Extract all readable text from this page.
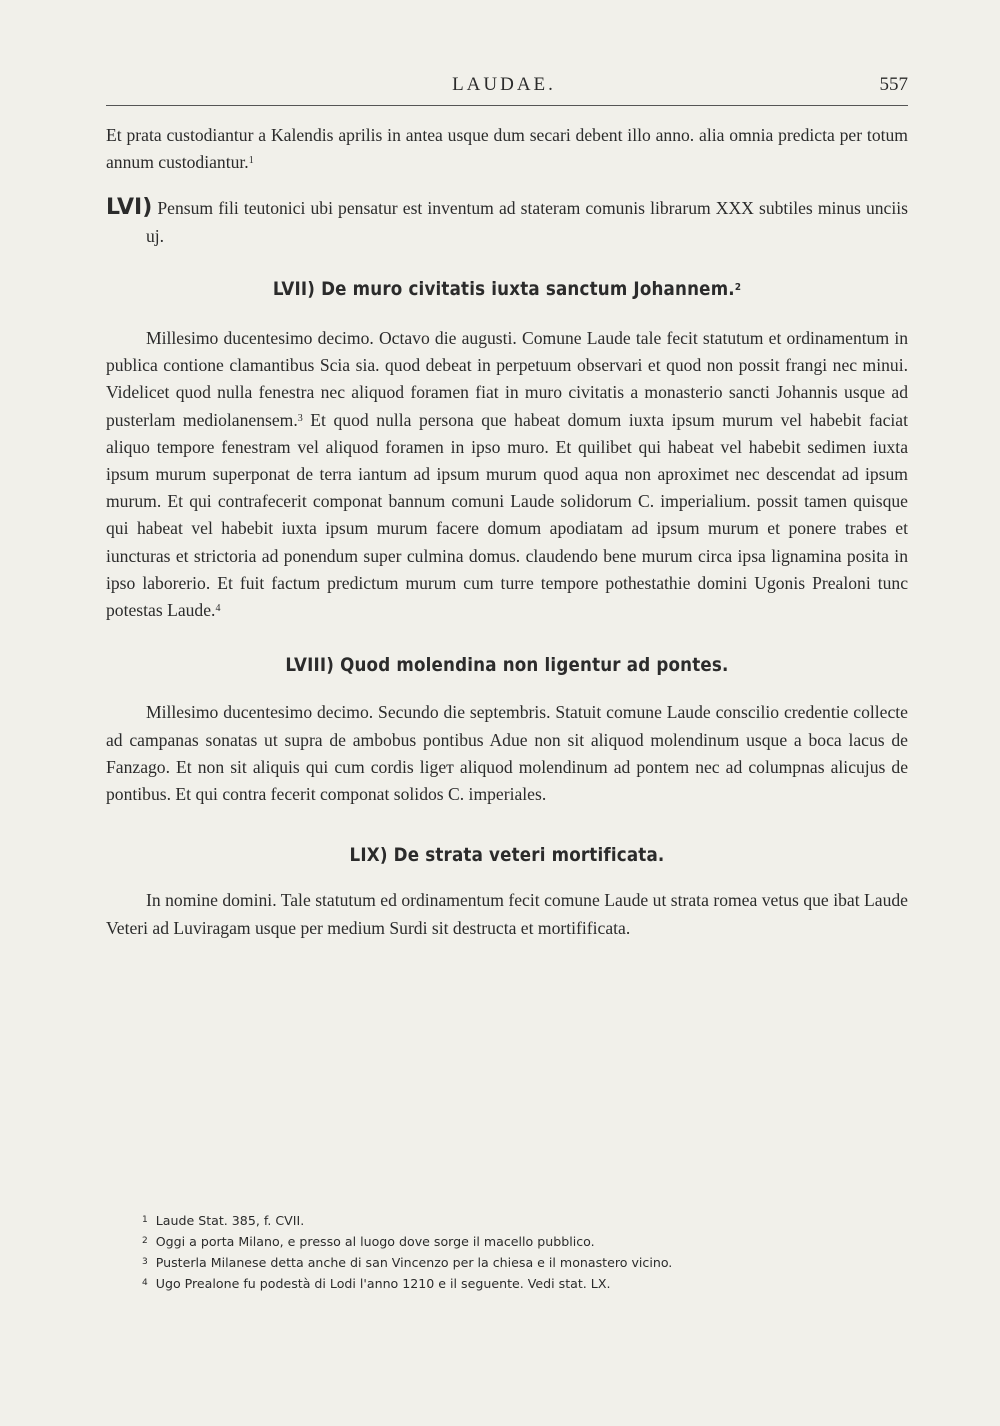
LAUDAE.	557

Et prata custodiantur a Kalendis aprilis in antea usque dum secari debent illo anno. alia omnia predicta per totum annum custodiantur.$^1$

LVI) Pensum fili teutonici ubi pensatur est inventum ad stateram comunis librarum XXX subtiles minus unciis uj.

LVII) De muro civitatis iuxta sanctum Johannem.$^2$

Millesimo ducentesimo decimo. Octavo die augusti. Comune Laude tale fecit statutum et ordinamentum in publica contione clamantibus Scia sia. quod debeat in perpetuum observari et quod non possit frangi nec minui. Videlicet quod nulla fenestra nec aliquod foramen fiat in muro civitatis a monasterio sancti Johannis usque ad pusterlam mediolanensem.$^3$ Et quod nulla persona que habeat domum iuxta ipsum murum vel habebit faciat aliquo tempore fenestram vel aliquod foramen in ipso muro. Et quilibet qui habeat vel habebit sedimen iuxta ipsum murum superponat de terra iantum ad ipsum murum quod aqua non aproximet nec descendat ad ipsum murum. Et qui contrafecerit componat bannum comuni Laude solidorum C. imperialium. possit tamen quisque qui habeat vel habebit iuxta ipsum murum facere domum apodiatam ad ipsum murum et ponere trabes et iuncturas et strictoria ad ponendum super culmina domus. claudendo bene murum circa ipsa lignamina posita in ipso laborerio. Et fuit factum predictum murum cum turre tempore pothestathie domini Ugonis Prealoni tunc potestas Laude.$^4$

LVIII) Quod molendina non ligentur ad pontes.

Millesimo ducentesimo decimo. Secundo die septembris. Statuit comune Laude conscilio credentie collecte ad campanas sonatas ut supra de ambobus pontibus Adue non sit aliquod molendinum usque a boca lacus de Fanzago. Et non sit aliquis qui cum cordis ligет aliquod molendinum ad pontem nec ad columpnas alicujus de pontibus. Et qui contra fecerit componat solidos C. imperiales.

LIX) De strata veteri mortificata.

In nomine domini. Tale statutum ed ordinamentum fecit comune Laude ut strata romea vetus que ibat Laude Veteri ad Luviragam usque per medium Surdi sit destructa et mortifificata.

$^1$ Laude Stat. 385, f. CVII.
$^2$ Oggi a porta Milano, e presso al luogo dove sorge il macello pubblico.
$^3$ Pusterla Milanese detta anche di san Vincenzo per la chiesa e il monastero vicino.
$^4$ Ugo Prealone fu podestà di Lodi l'anno 1210 e il seguente. Vedi stat. LX.
